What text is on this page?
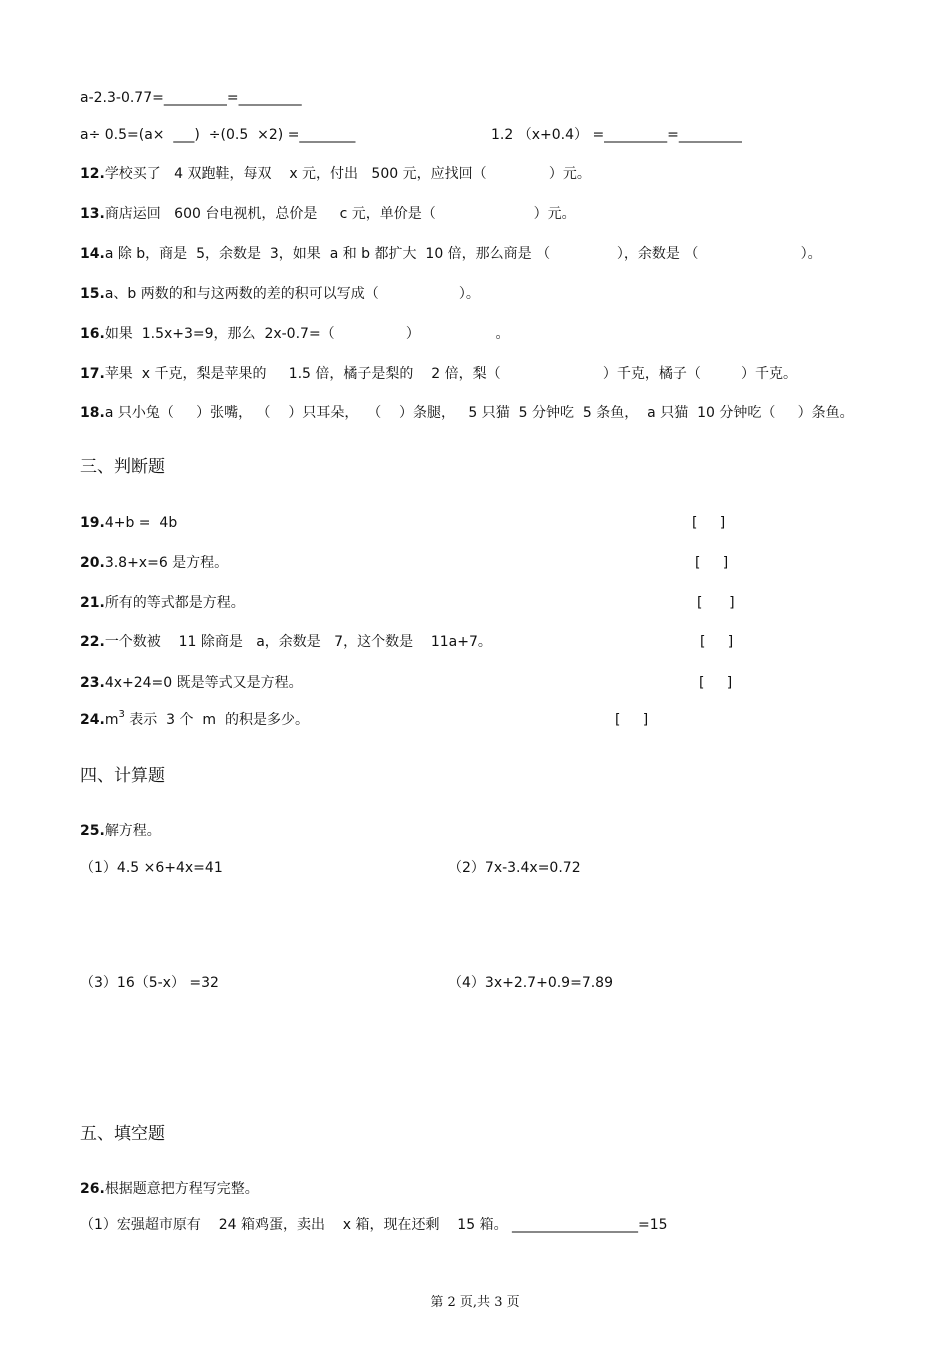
a-2.3-0.77=_________=_________
a÷ 0.5=(a×  ___)  ÷(0.5  ×2) =________	1.2 （x+0.4） =_________=_________
12.学校买了   4 双跑鞋，每双    x 元，付出   500 元，应找回（              ）元。
13.商店运回   600 台电视机，总价是     c 元，单价是（                      ）元。
14.a 除 b，商是  5，余数是  3，如果  a 和 b 都扩大  10 倍，那么商是 （               ），余数是 （                       ）。
15.a、b 两数的和与这两数的差的积可以写成（                  ）。
16.如果  1.5x+3=9，那么  2x-0.7=（                ）                 。
17.苹果  x 千克，梨是苹果的     1.5 倍，橘子是梨的    2 倍，梨（                       ）千克，橘子（         ）千克。
18.a 只小兔（     ）张嘴， （    ）只耳朵，  （    ）条腿，   5 只猫  5 分钟吃  5 条鱼，  a 只猫  10 分钟吃（     ）条鱼。
三、判断题
19.4+b =  4b	[     ]
20.3.8+x=6 是方程。	[     ]
21.所有的等式都是方程。	[      ]
22.一个数被    11 除商是   a，余数是   7，这个数是    11a+7。	[     ]
23.4x+24=0 既是等式又是方程。	[     ]
$24.m^3$ 表示  3 个  m  的积是多少。	[     ]
四、计算题
25.解方程。
（1）4.5 ×6+4x=41	（2）7x-3.4x=0.72
（3）16（5-x） =32	（4）3x+2.7+0.9=7.89
五、填空题
26.根据题意把方程写完整。
（1）宏强超市原有    24 箱鸡蛋，卖出    x 箱，现在还剩    15 箱。 __________________=15
第 2 页,共 3 页
